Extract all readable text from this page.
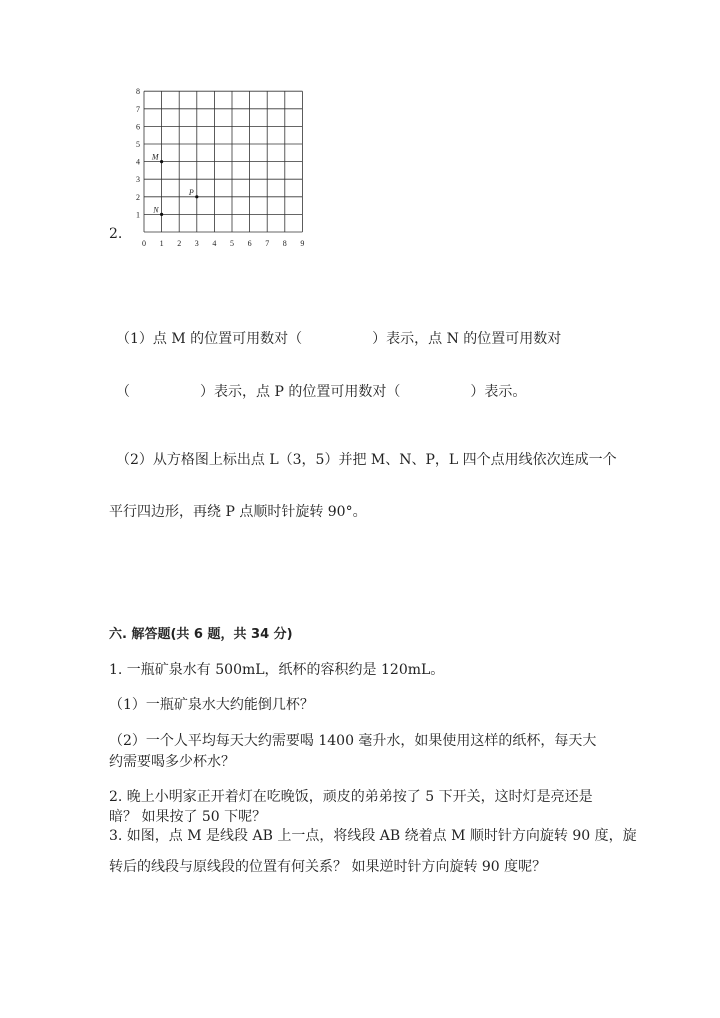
2.
0 1 2 3 4 5 6 7 8 9
1
2
3
4
5
6
7
8
M
N
P
（1）点 M 的位置可用数对（　　　　　）表示，点 N 的位置可用数对
（　　　　　）表示，点 P 的位置可用数对（　　　　　）表示。
（2）从方格图上标出点 L（3，5）并把 M、N、P，L 四个点用线依次连成一个
平行四边形，再绕 P 点顺时针旋转 90°。
六. 解答题(共 6 题，共 34 分)
1. 一瓶矿泉水有 500mL，纸杯的容积约是 120mL。
（1）一瓶矿泉水大约能倒几杯？
（2）一个人平均每天大约需要喝 1400 毫升水，如果使用这样的纸杯，每天大
约需要喝多少杯水？
2. 晚上小明家正开着灯在吃晚饭，顽皮的弟弟按了 5 下开关，这时灯是亮还是
暗？ 如果按了 50 下呢？
3. 如图，点 M 是线段 AB 上一点，将线段 AB 绕着点 M 顺时针方向旋转 90 度，旋
转后的线段与原线段的位置有何关系？ 如果逆时针方向旋转 90 度呢？
